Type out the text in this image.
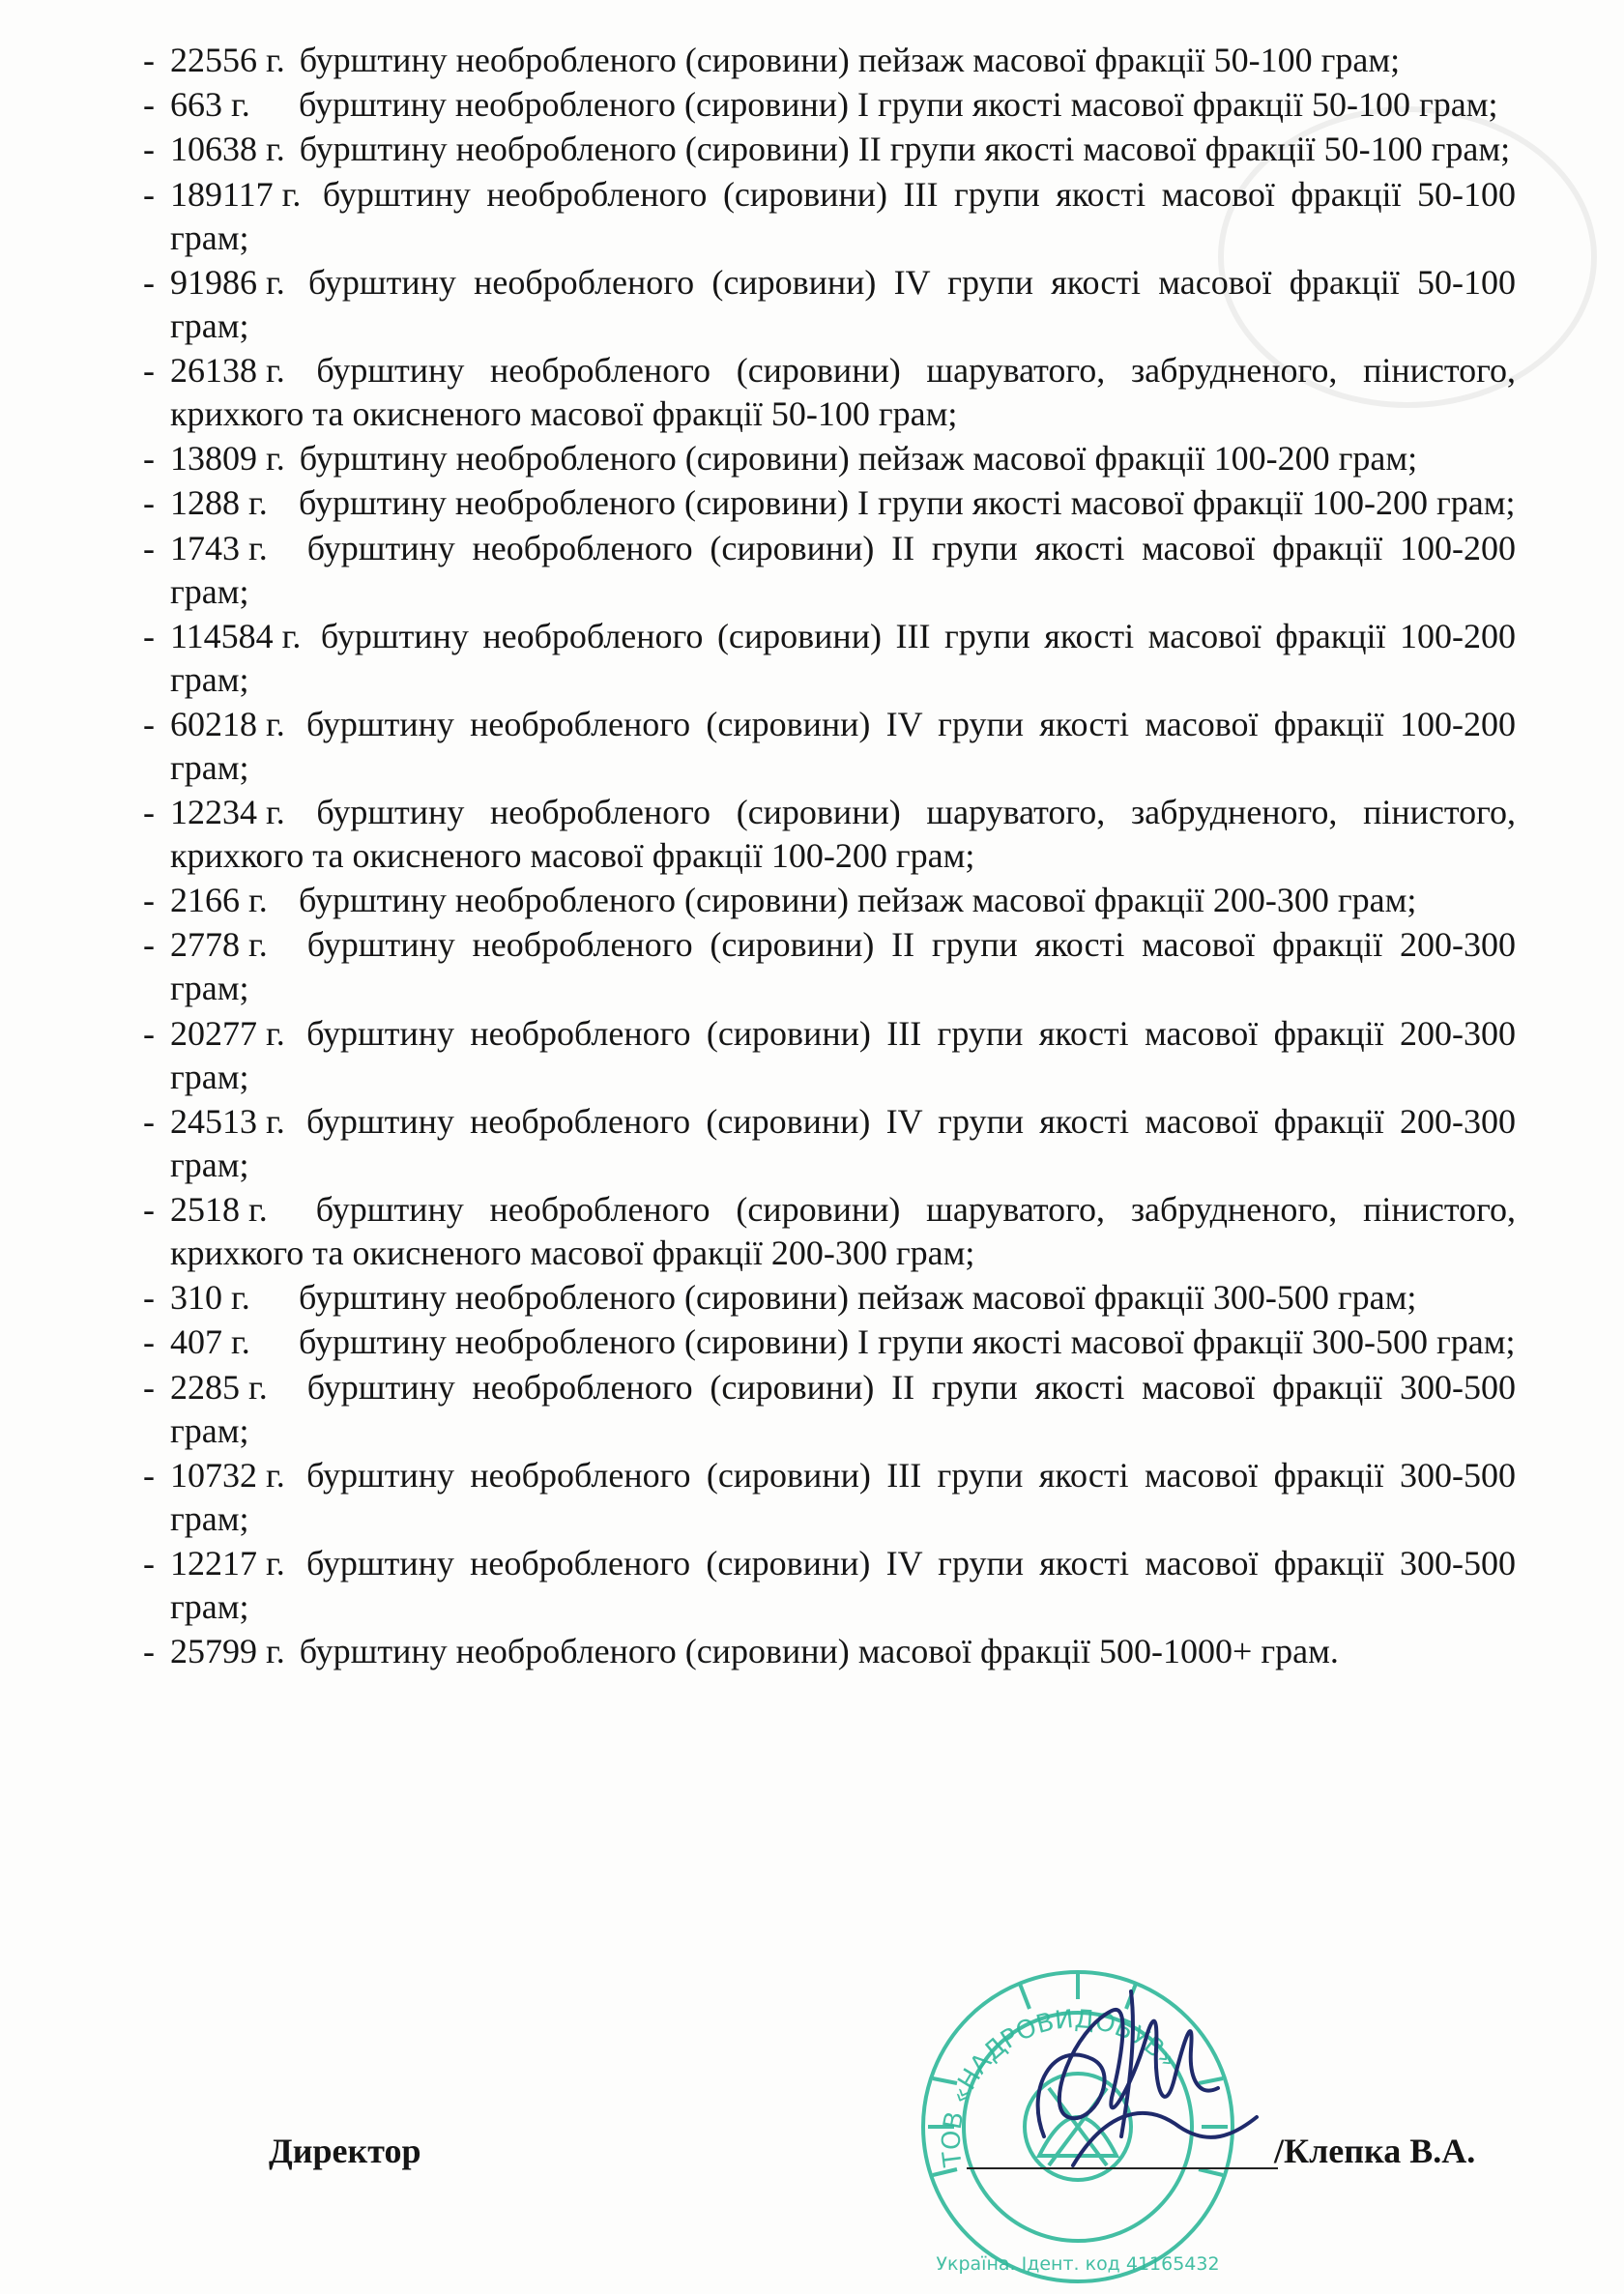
- 22556 г. бурштину необробленого (сировини) пейзаж масової фракції 50-100 грам;
- 663 г. бурштину необробленого (сировини) I групи якості масової фракції 50-100 грам;
- 10638 г. бурштину необробленого (сировини) II групи якості масової фракції 50-100 грам;
- 189117 г. бурштину необробленого (сировини) III групи якості масової фракції 50-100 грам;
- 91986 г. бурштину необробленого (сировини) IV групи якості масової фракції 50-100 грам;
- 26138 г. бурштину необробленого (сировини) шаруватого, забрудненого, пінистого, крихкого та окисненого масової фракції 50-100 грам;
- 13809 г. бурштину необробленого (сировини) пейзаж масової фракції 100-200 грам;
- 1288 г. бурштину необробленого (сировини) I групи якості масової фракції 100-200 грам;
- 1743 г. бурштину необробленого (сировини) II групи якості масової фракції 100-200 грам;
- 114584 г. бурштину необробленого (сировини) III групи якості масової фракції 100-200 грам;
- 60218 г. бурштину необробленого (сировини) IV групи якості масової фракції 100-200 грам;
- 12234 г. бурштину необробленого (сировини) шаруватого, забрудненого, пінистого, крихкого та окисненого масової фракції 100-200 грам;
- 2166 г. бурштину необробленого (сировини) пейзаж масової фракції 200-300 грам;
- 2778 г. бурштину необробленого (сировини) II групи якості масової фракції 200-300 грам;
- 20277 г. бурштину необробленого (сировини) III групи якості масової фракції 200-300 грам;
- 24513 г. бурштину необробленого (сировини) IV групи якості масової фракції 200-300 грам;
- 2518 г. бурштину необробленого (сировини) шаруватого, забрудненого, пінистого, крихкого та окисненого масової фракції 200-300 грам;
- 310 г. бурштину необробленого (сировини) пейзаж масової фракції 300-500 грам;
- 407 г. бурштину необробленого (сировини) I групи якості масової фракції 300-500 грам;
- 2285 г. бурштину необробленого (сировини) II групи якості масової фракції 300-500 грам;
- 10732 г. бурштину необробленого (сировини) III групи якості масової фракції 300-500 грам;
- 12217 г. бурштину необробленого (сировини) IV групи якості масової фракції 300-500 грам;
- 25799 г. бурштину необробленого (сировини) масової фракції 500-1000+ грам.
ТОВ «НАДРОВИДОБУВ»
Україна. Ідент. код 41165432
Директор	/Клепка В.А.
